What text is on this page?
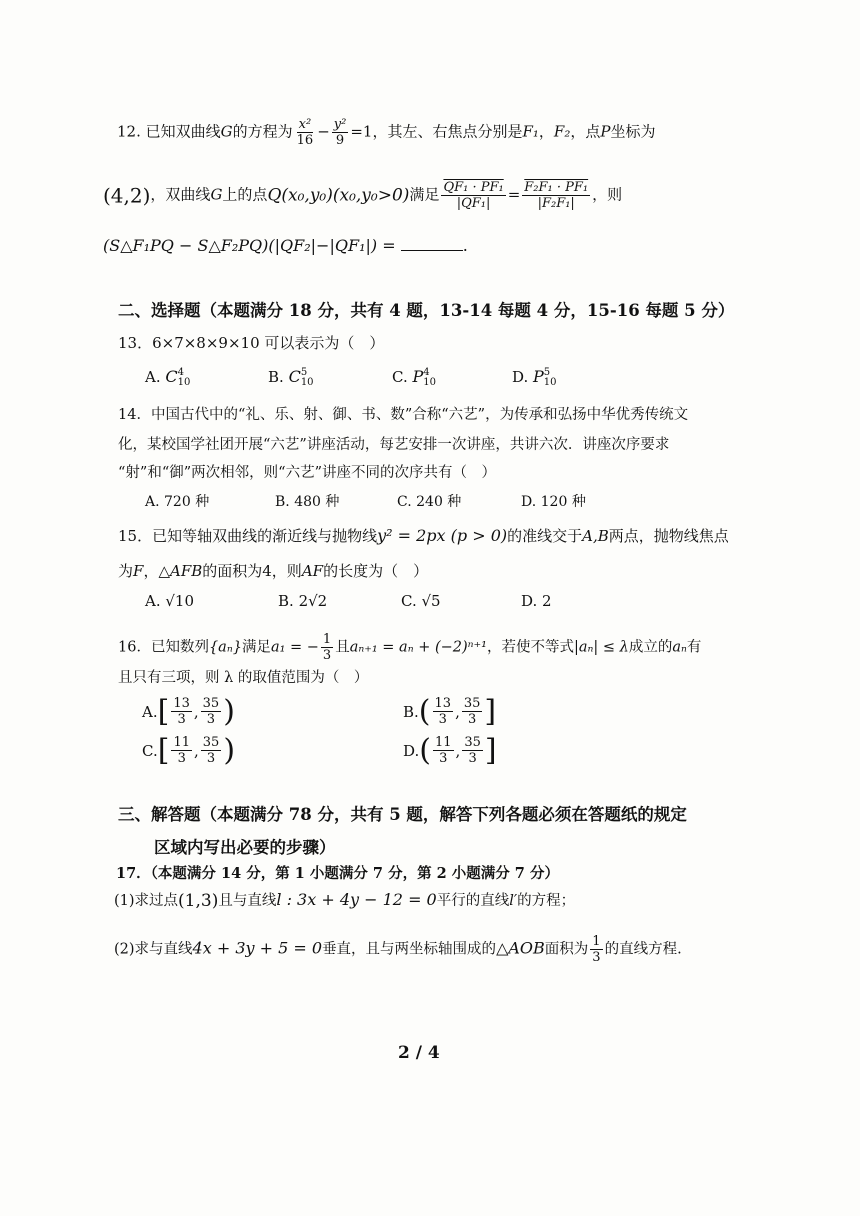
12. 已知双曲线G的方程为 $\frac{\text{x²}}{16} - \frac{\text{y²}}{9} =1$，其左、右焦点分别是F₁，F₂，点P坐标为
(4,2)，双曲线G上的点Q(x₀,y₀)(x₀,y₀>0)满足 $\frac{\text{QF₁ · PF₁}}{\text{|QF₁|}} = \frac{\text{F₂F₁ · PF₁}}{\text{|F₂F₁|}}$ ，则
(S△F₁PQ − S△F₂PQ)(|QF₂|−|QF₁|) =	.
二、选择题（本题满分 18 分，共有 4 题，13-14 每题 4 分，15-16 每题 5 分）
13．6×7×8×9×10 可以表示为（　）
A. C 4
10	B. C 5
10	C. P 4
10	D. P 5
10
14．中国古代中的“礼、乐、射、御、书、数”合称“六艺”，为传承和弘扬中华优秀传统文
化，某校国学社团开展“六艺”讲座活动，每艺安排一次讲座，共讲六次．讲座次序要求
“射”和“御”两次相邻，则“六艺”讲座不同的次序共有（　）
A. 720 种	B. 480 种	C. 240 种	D. 120 种
15．已知等轴双曲线的渐近线与抛物线y² = 2px (p > 0)的准线交于A,B两点，抛物线焦点
为F，△AFB的面积为4，则AF的长度为（　）
A. √10	B. 2√2	C. √5	D. 2
16．已知数列{aₙ}满足a₁ = − $\frac{1}{3}$ 且aₙ₊₁ = aₙ + (−2)ⁿ⁺¹，若使不等式|aₙ| ≤ λ成立的aₙ有
且只有三项，则 λ 的取值范围为（　）
A. [ $\frac{13}{3}$ , $\frac{35}{3}$ )	B. ( $\frac{13}{3}$ , $\frac{35}{3}$ ]
C. [ $\frac{11}{3}$ , $\frac{35}{3}$ )	D. ( $\frac{11}{3}$ , $\frac{35}{3}$ ]
三、解答题（本题满分 78 分，共有 5 题，解答下列各题必须在答题纸的规定
区域内写出必要的步骤）
17．（本题满分 14 分，第 1 小题满分 7 分，第 2 小题满分 7 分）
(1)求过点(1,3)且与直线l : 3x + 4y − 12 = 0平行的直线l′的方程；
(2)求与直线4x + 3y + 5 = 0垂直，且与两坐标轴围成的△AOB面积为 $\frac{1}{3}$ 的直线方程.
2 / 4
